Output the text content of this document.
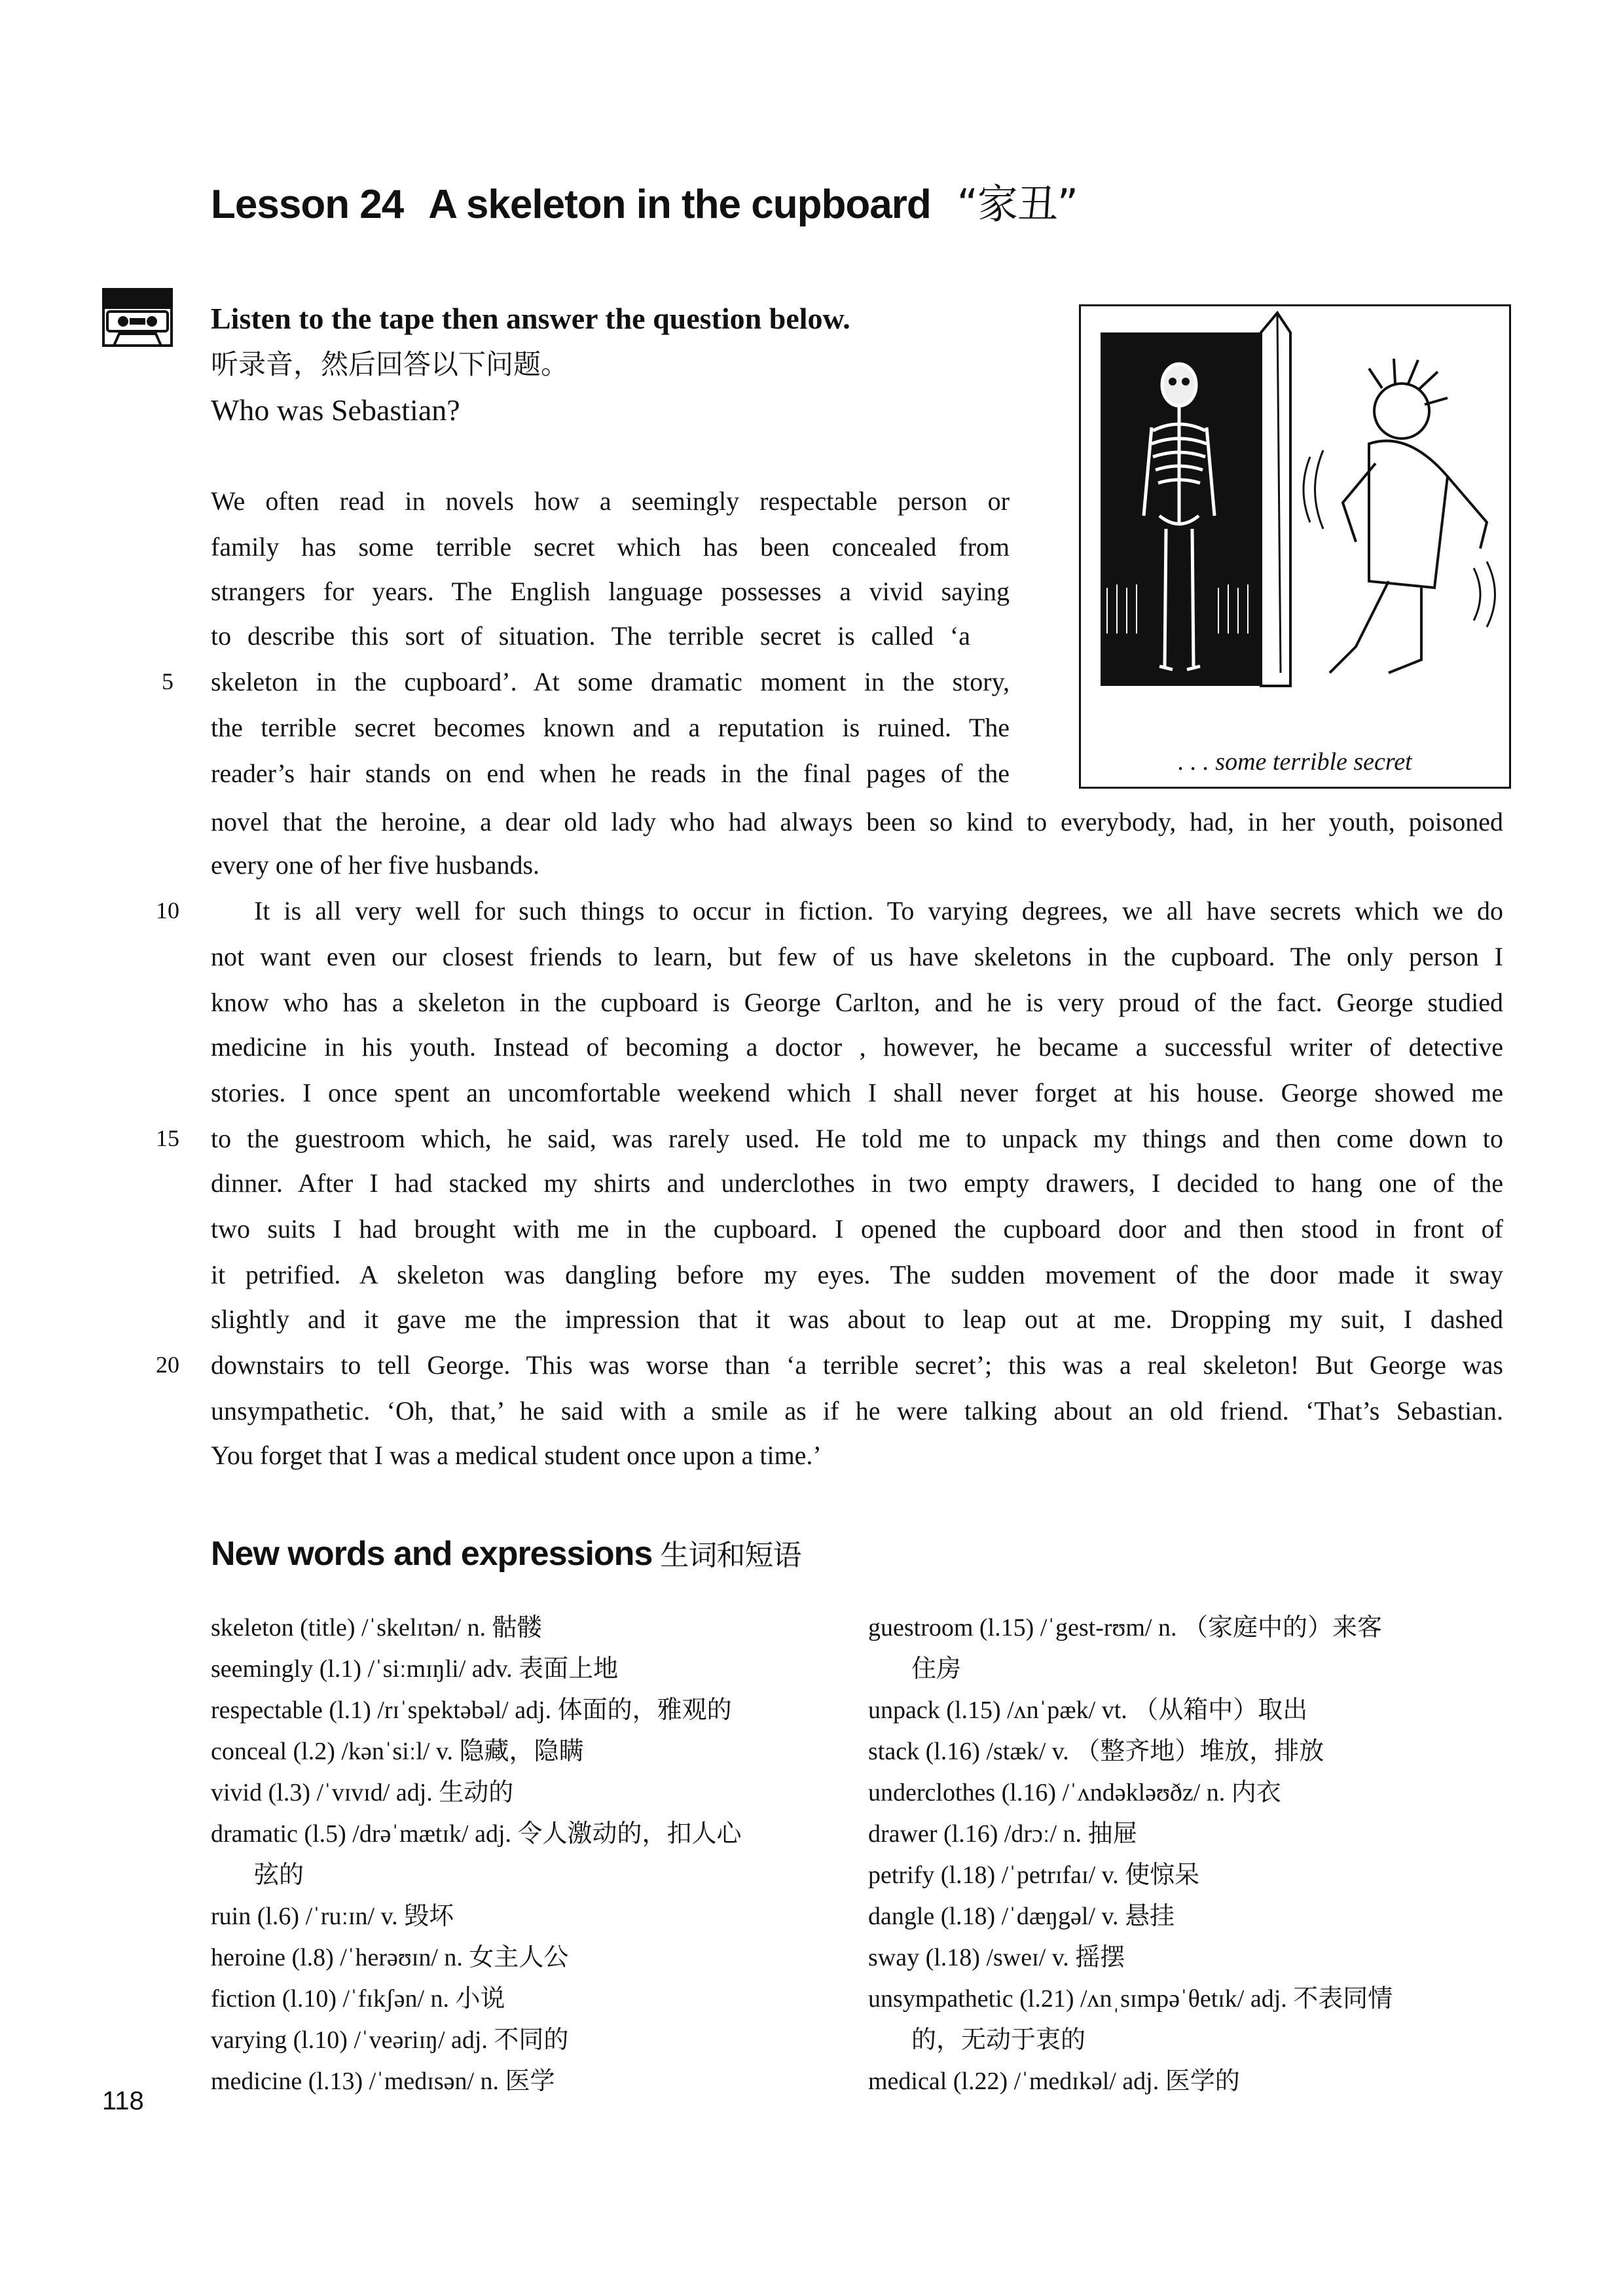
Lesson 24 A skeleton in the cupboard “家丑”
Listen to the tape then answer the question below.
听录音，然后回答以下问题。
Who was Sebastian?
. . . some terrible secret
We often read in novels how a seemingly respectable person or
family has some terrible secret which has been concealed from
strangers for years. The English language possesses a vivid saying
to describe this sort of situation. The terrible secret is called ‘a
skeleton in the cupboard’. At some dramatic moment in the story,
the terrible secret becomes known and a reputation is ruined. The
reader’s hair stands on end when he reads in the final pages of the
novel that the heroine, a dear old lady who had always been so kind to everybody, had, in her youth, poisoned
every one of her five husbands.
It is all very well for such things to occur in fiction. To varying degrees, we all have secrets which we do
not want even our closest friends to learn, but few of us have skeletons in the cupboard. The only person I
know who has a skeleton in the cupboard is George Carlton, and he is very proud of the fact. George studied
medicine in his youth. Instead of becoming a doctor , however, he became a successful writer of detective
stories. I once spent an uncomfortable weekend which I shall never forget at his house. George showed me
to the guestroom which, he said, was rarely used. He told me to unpack my things and then come down to
dinner. After I had stacked my shirts and underclothes in two empty drawers, I decided to hang one of the
two suits I had brought with me in the cupboard. I opened the cupboard door and then stood in front of
it petrified. A skeleton was dangling before my eyes. The sudden movement of the door made it sway
slightly and it gave me the impression that it was about to leap out at me. Dropping my suit, I dashed
downstairs to tell George. This was worse than ‘a terrible secret’; this was a real skeleton! But George was
unsympathetic. ‘Oh, that,’ he said with a smile as if he were talking about an old friend. ‘That’s Sebastian.
You forget that I was a medical student once upon a time.’
5
10
15
20
New words and expressions 生词和短语
skeleton (title) /ˈskelɪtən/ n. 骷髅
seemingly (l.1) /ˈsiːmɪŋli/ adv. 表面上地
respectable (l.1) /rɪˈspektəbəl/ adj. 体面的，雅观的
conceal (l.2) /kənˈsiːl/ v. 隐藏，隐瞒
vivid (l.3) /ˈvɪvɪd/ adj. 生动的
dramatic (l.5) /drəˈmætɪk/ adj. 令人激动的，扣人心
弦的
ruin (l.6) /ˈruːɪn/ v. 毁坏
heroine (l.8) /ˈherəʊɪn/ n. 女主人公
fiction (l.10) /ˈfɪkʃən/ n. 小说
varying (l.10) /ˈveəriɪŋ/ adj. 不同的
medicine (l.13) /ˈmedɪsən/ n. 医学
guestroom (l.15) /ˈgest-rʊm/ n. （家庭中的）来客
住房
unpack (l.15) /ʌnˈpæk/ vt. （从箱中）取出
stack (l.16) /stæk/ v. （整齐地）堆放，排放
underclothes (l.16) /ˈʌndəkləʊðz/ n. 内衣
drawer (l.16) /drɔː/ n. 抽屉
petrify (l.18) /ˈpetrɪfaɪ/ v. 使惊呆
dangle (l.18) /ˈdæŋgəl/ v. 悬挂
sway (l.18) /sweɪ/ v. 摇摆
unsympathetic (l.21) /ʌnˌsɪmpəˈθetɪk/ adj. 不表同情
的，无动于衷的
medical (l.22) /ˈmedɪkəl/ adj. 医学的
118
